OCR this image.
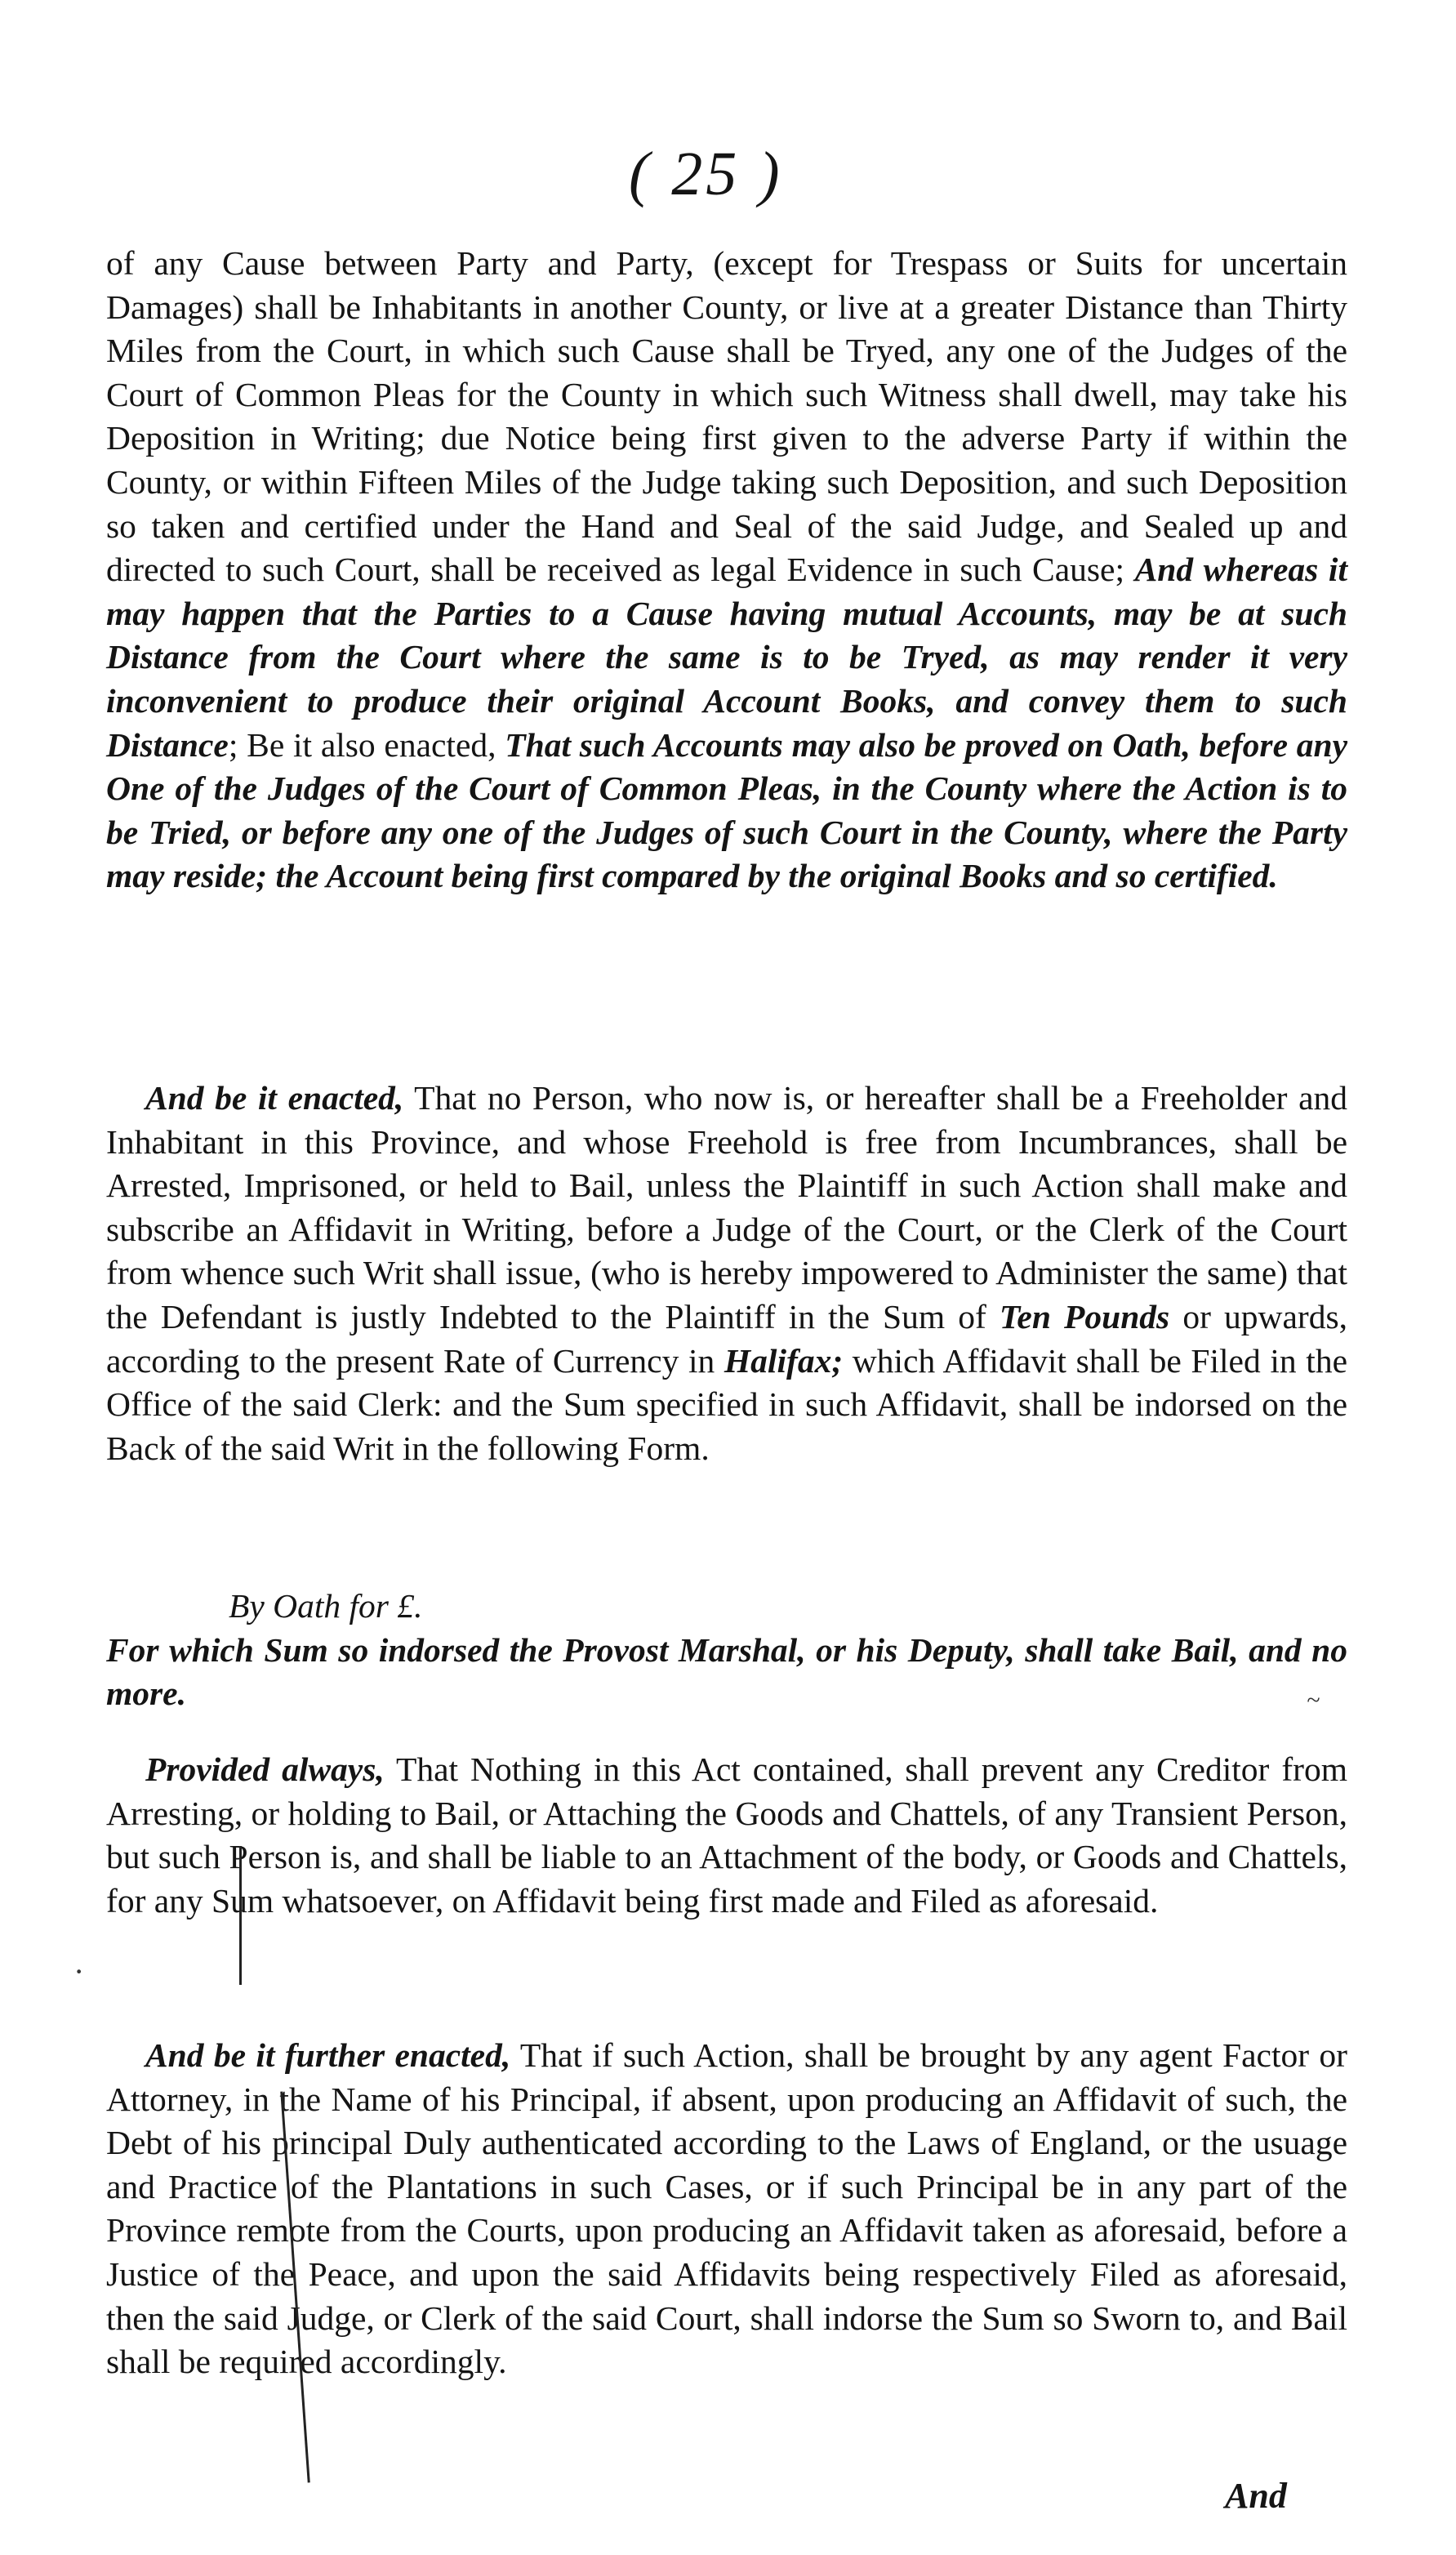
( 25 )

of any Cause between Party and Party, (except for Trespass or Suits for uncertain Damages) shall be Inhabitants in another County, or live at a greater Distance than Thirty Miles from the Court, in which such Cause shall be Tryed, any one of the Judges of the Court of Common Pleas for the County in which such Witness shall dwell, may take his Deposition in Writing; due Notice being first given to the adverse Party if within the County, or within Fifteen Miles of the Judge taking such Deposition, and such Deposition so taken and certified under the Hand and Seal of the said Judge, and Sealed up and directed to such Court, shall be received as legal Evidence in such Cause; And whereas it may happen that the Parties to a Cause having mutual Accounts, may be at such Distance from the Court where the same is to be Tryed, as may render it very inconvenient to produce their original Account Books, and convey them to such Distance; Be it also enacted, That such Accounts may also be proved on Oath, before any One of the Judges of the Court of Common Pleas, in the County where the Action is to be Tried, or before any one of the Judges of such Court in the County, where the Party may reside; the Account being first compared by the original Books and so certified.

And be it enacted, That no Person, who now is, or hereafter shall be a Freeholder and Inhabitant in this Province, and whose Freehold is free from Incumbrances, shall be Arrested, Imprisoned, or held to Bail, unless the Plaintiff in such Action shall make and subscribe an Affidavit in Writing, before a Judge of the Court, or the Clerk of the Court from whence such Writ shall issue, (who is hereby impowered to Administer the same) that the Defendant is justly Indebted to the Plaintiff in the Sum of Ten Pounds or upwards, according to the present Rate of Currency in Halifax; which Affidavit shall be Filed in the Office of the said Clerk: and the Sum specified in such Affidavit, shall be indorsed on the Back of the said Writ in the following Form.

By Oath for £.

For which Sum so indorsed the Provost Marshal, or his Deputy, shall take Bail, and no more.

Provided always, That Nothing in this Act contained, shall prevent any Creditor from Arresting, or holding to Bail, or Attaching the Goods and Chattels, of any Transient Person, but such Person is, and shall be liable to an Attachment of the body, or Goods and Chattels, for any Sum whatsoever, on Affidavit being first made and Filed as aforesaid.

And be it further enacted, That if such Action, shall be brought by any agent Factor or Attorney, in the Name of his Principal, if absent, upon producing an Affidavit of such, the Debt of his principal Duly authenticated according to the Laws of England, or the usuage and Practice of the Plantations in such Cases, or if such Principal be in any part of the Province remote from the Courts, upon producing an Affidavit taken as aforesaid, before a Justice of the Peace, and upon the said Affidavits being respectively Filed as aforesaid, then the said Judge, or Clerk of the said Court, shall indorse the Sum so Sworn to, and Bail shall be required accordingly.

And
~
·
